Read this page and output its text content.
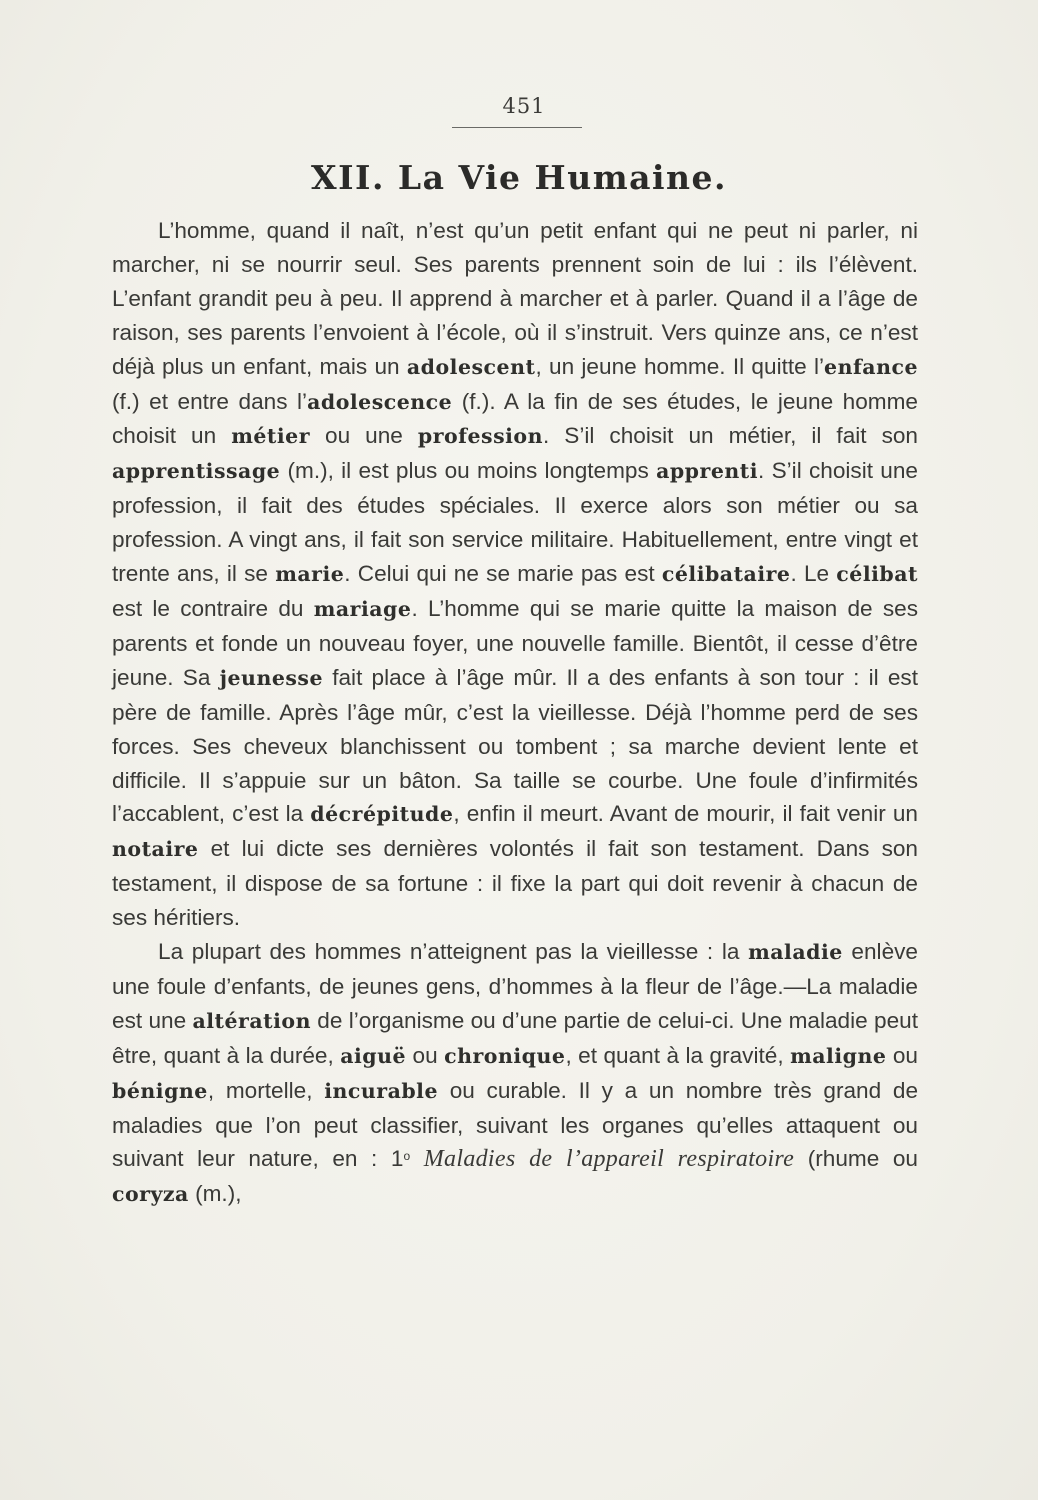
451
XII. La Vie Humaine.

L’homme, quand il naît, n’est qu’un petit enfant qui ne peut ni parler, ni marcher, ni se nourrir seul. Ses parents prennent soin de lui : ils l’élèvent. L’enfant grandit peu à peu. Il apprend à marcher et à parler. Quand il a l’âge de raison, ses parents l’envoient à l’école, où il s’instruit. Vers quinze ans, ce n’est déjà plus un enfant, mais un adolescent, un jeune homme. Il quitte l’enfance (f.) et entre dans l’adolescence (f.). A la fin de ses études, le jeune homme choisit un métier ou une profession. S’il choisit un métier, il fait son apprentissage (m.), il est plus ou moins longtemps apprenti. S’il choisit une profession, il fait des études spéciales. Il exerce alors son métier ou sa profession. A vingt ans, il fait son service militaire. Habituellement, entre vingt et trente ans, il se marie. Celui qui ne se marie pas est célibataire. Le célibat est le contraire du mariage. L’homme qui se marie quitte la maison de ses parents et fonde un nouveau foyer, une nouvelle famille. Bientôt, il cesse d’être jeune. Sa jeunesse fait place à l’âge mûr. Il a des enfants à son tour : il est père de famille. Après l’âge mûr, c’est la vieillesse. Déjà l’homme perd de ses forces. Ses cheveux blanchissent ou tombent ; sa marche devient lente et difficile. Il s’appuie sur un bâton. Sa taille se courbe. Une foule d’infirmités l’accablent, c’est la décrépitude, enfin il meurt. Avant de mourir, il fait venir un notaire et lui dicte ses dernières volontés il fait son testament. Dans son testament, il dispose de sa fortune : il fixe la part qui doit revenir à chacun de ses héritiers.

La plupart des hommes n’atteignent pas la vieillesse : la maladie enlève une foule d’enfants, de jeunes gens, d’hommes à la fleur de l’âge.—La maladie est une altération de l’organisme ou d’une partie de celui-ci. Une maladie peut être, quant à la durée, aiguë ou chronique, et quant à la gravité, maligne ou bénigne, mortelle, incurable ou curable. Il y a un nombre très grand de maladies que l’on peut classifier, suivant les organes qu’elles attaquent ou suivant leur nature, en : 1$^o$ Maladies de l’appareil respiratoire (rhume ou coryza (m.),
